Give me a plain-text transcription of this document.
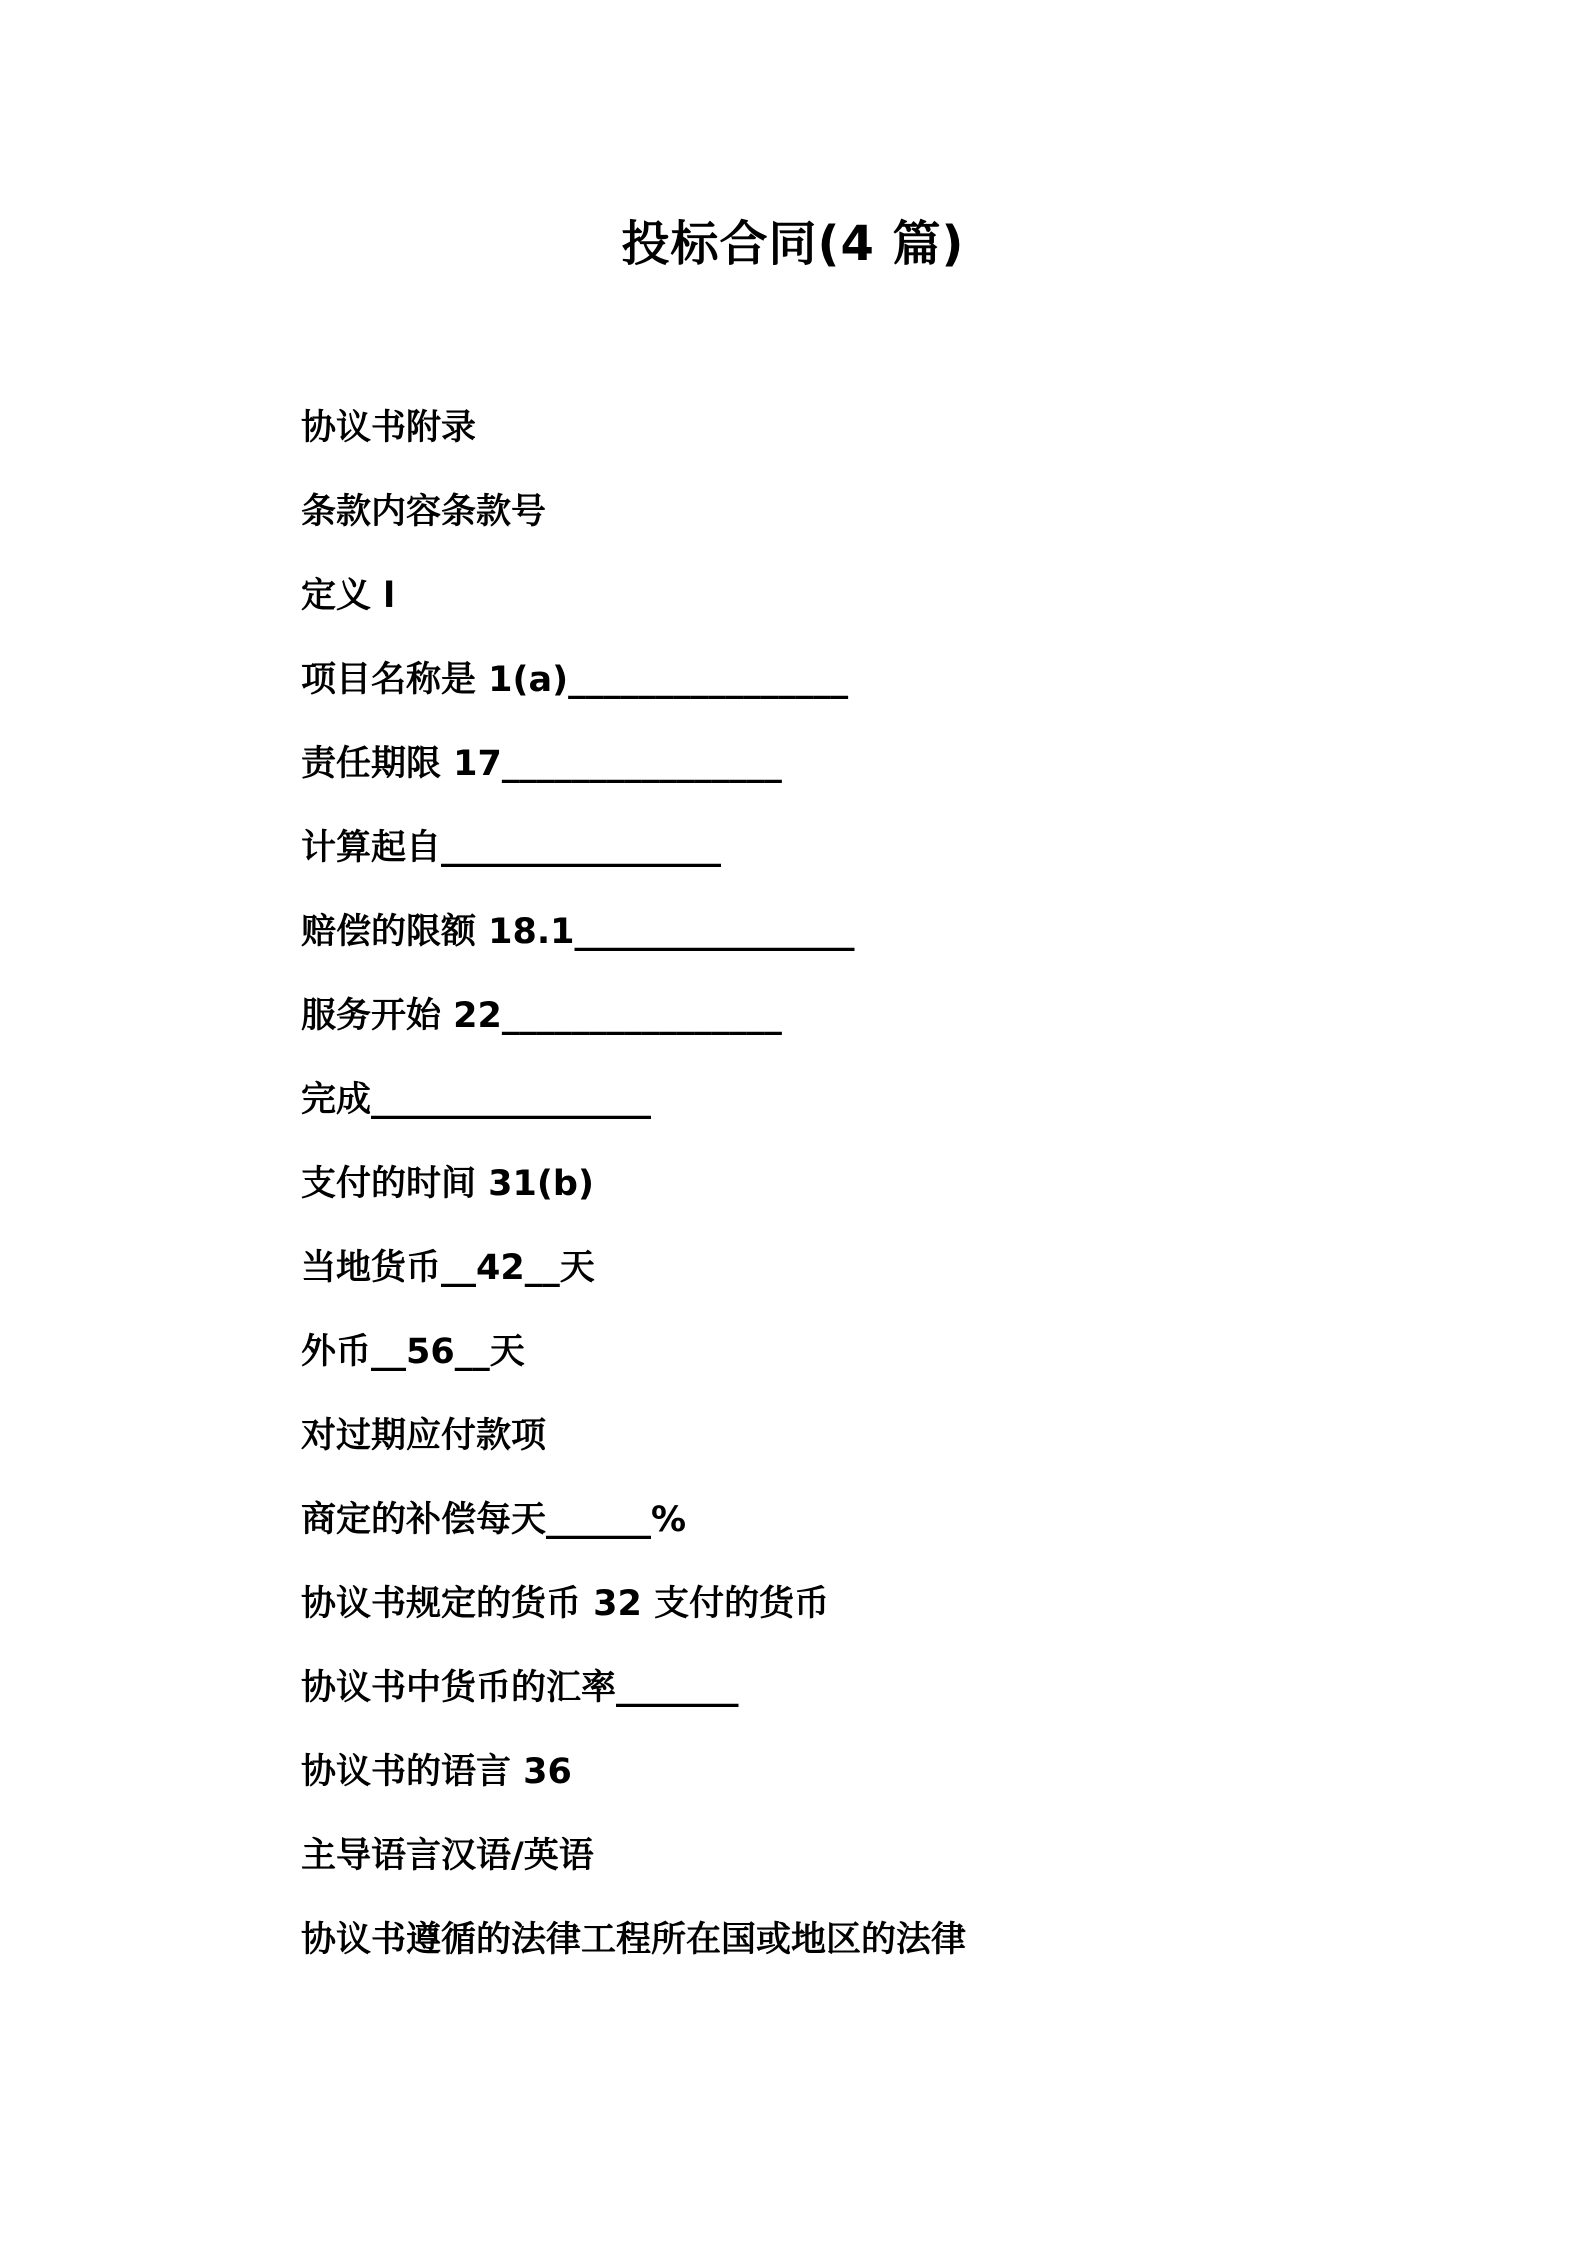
投标合同(4 篇)

协议书附录

条款内容条款号

定义 l

项目名称是 1(a)________________

责任期限 17________________

计算起自________________

赔偿的限额 18.1________________

服务开始 22________________

完成________________

支付的时间 31(b)

当地货币__42__天

外币__56__天

对过期应付款项

商定的补偿每天______%

协议书规定的货币 32 支付的货币

协议书中货币的汇率_______

协议书的语言 36

主导语言汉语/英语

协议书遵循的法律工程所在国或地区的法律
